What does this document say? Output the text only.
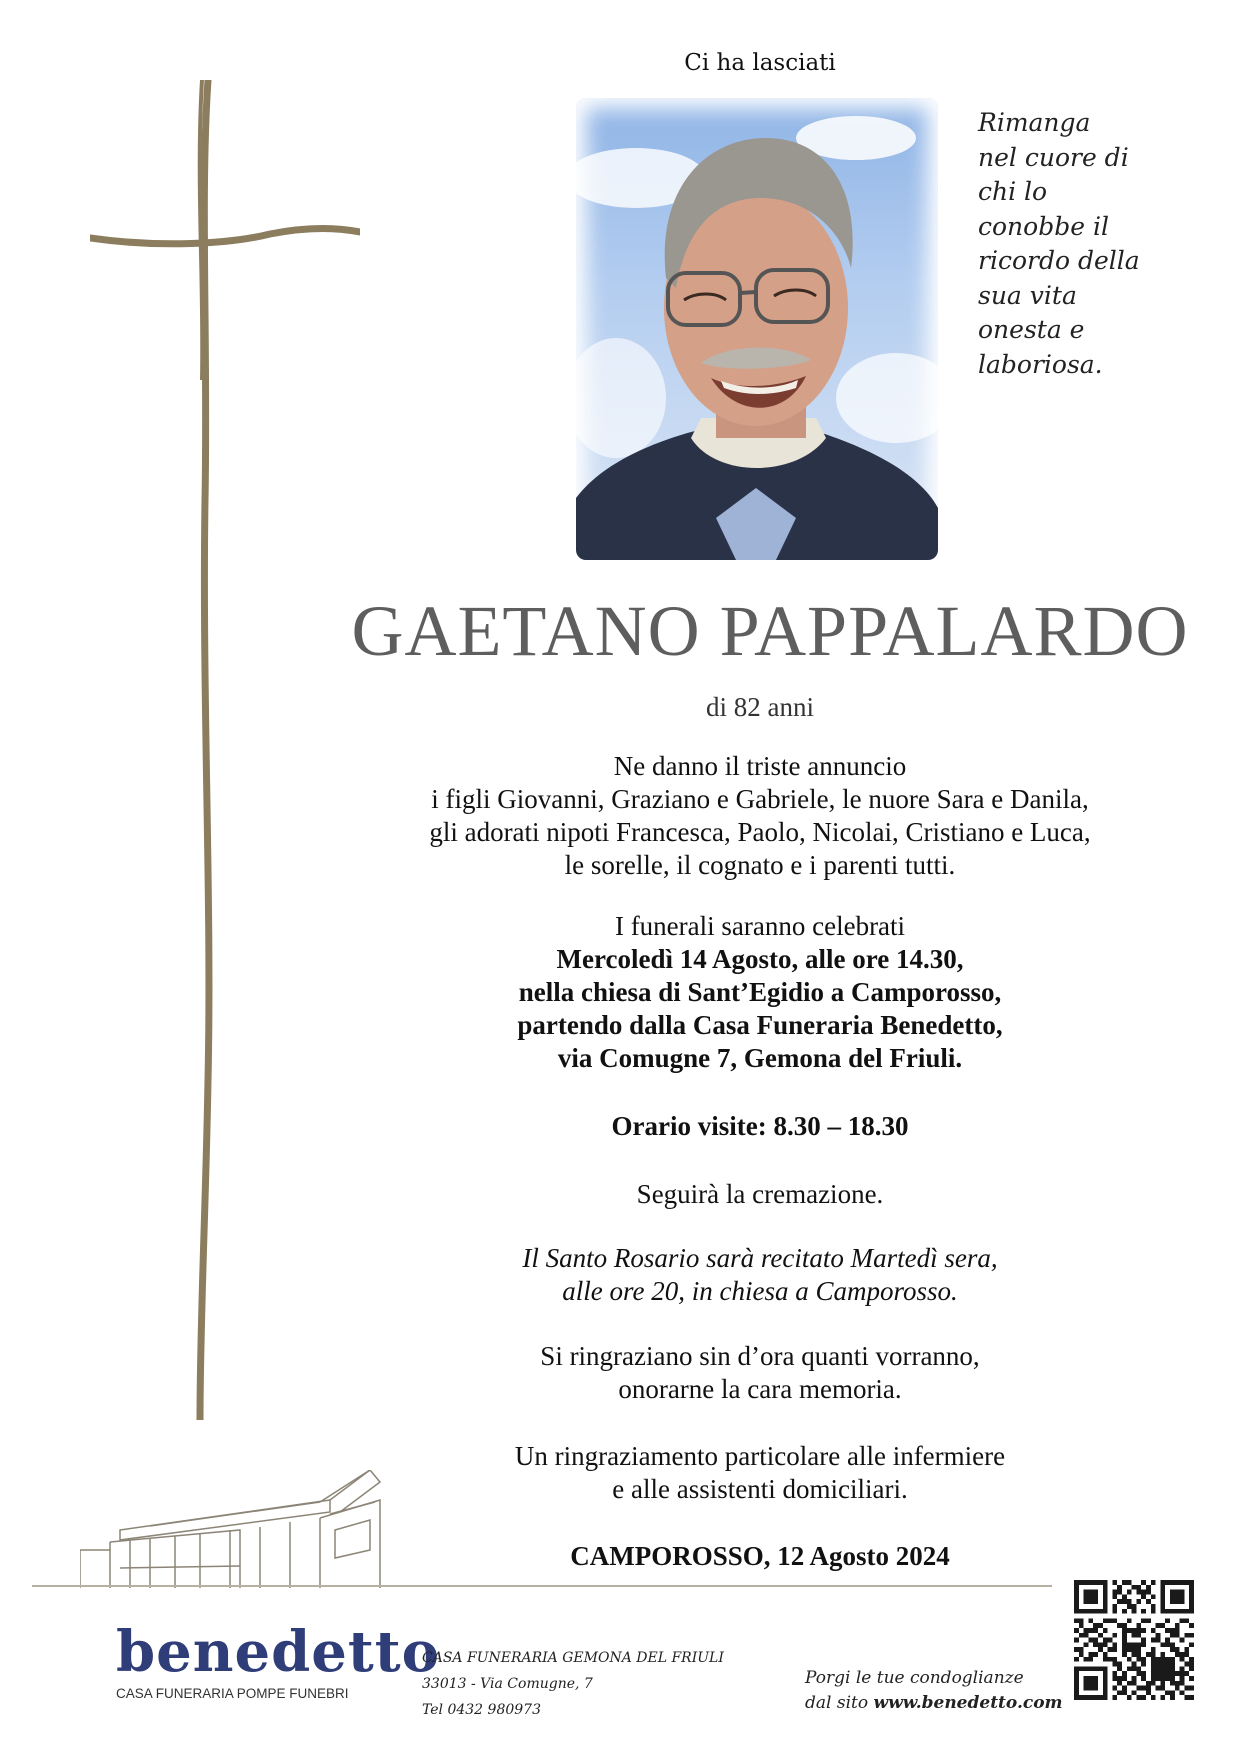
Ci ha lasciati
Rimanga
nel cuore di
chi lo
conobbe il
ricordo della
sua vita
onesta e
laboriosa.
GAETANO PAPPALARDO
di 82 anni
Ne danno il triste annuncio
i figli Giovanni, Graziano e Gabriele, le nuore Sara e Danila,
gli adorati nipoti Francesca, Paolo, Nicolai, Cristiano e Luca,
le sorelle, il cognato e i parenti tutti.
I funerali saranno celebrati
Mercoledì 14 Agosto, alle ore 14.30,
nella chiesa di Sant’Egidio a Camporosso,
partendo dalla Casa Funeraria Benedetto,
via Comugne 7, Gemona del Friuli.
Orario visite: 8.30 – 18.30
Seguirà la cremazione.
Il Santo Rosario sarà recitato Martedì sera,
alle ore 20, in chiesa a Camporosso.
Si ringraziano sin d’ora quanti vorranno,
onorarne la cara memoria.
Un ringraziamento particolare alle infermiere
e alle assistenti domiciliari.
CAMPOROSSO, 12 Agosto 2024
benedetto
CASA FUNERARIA POMPE FUNEBRI
CASA FUNERARIA GEMONA DEL FRIULI
33013 - Via Comugne, 7
Tel 0432 980973
Porgi le tue condoglianze
dal sito www.benedetto.com
